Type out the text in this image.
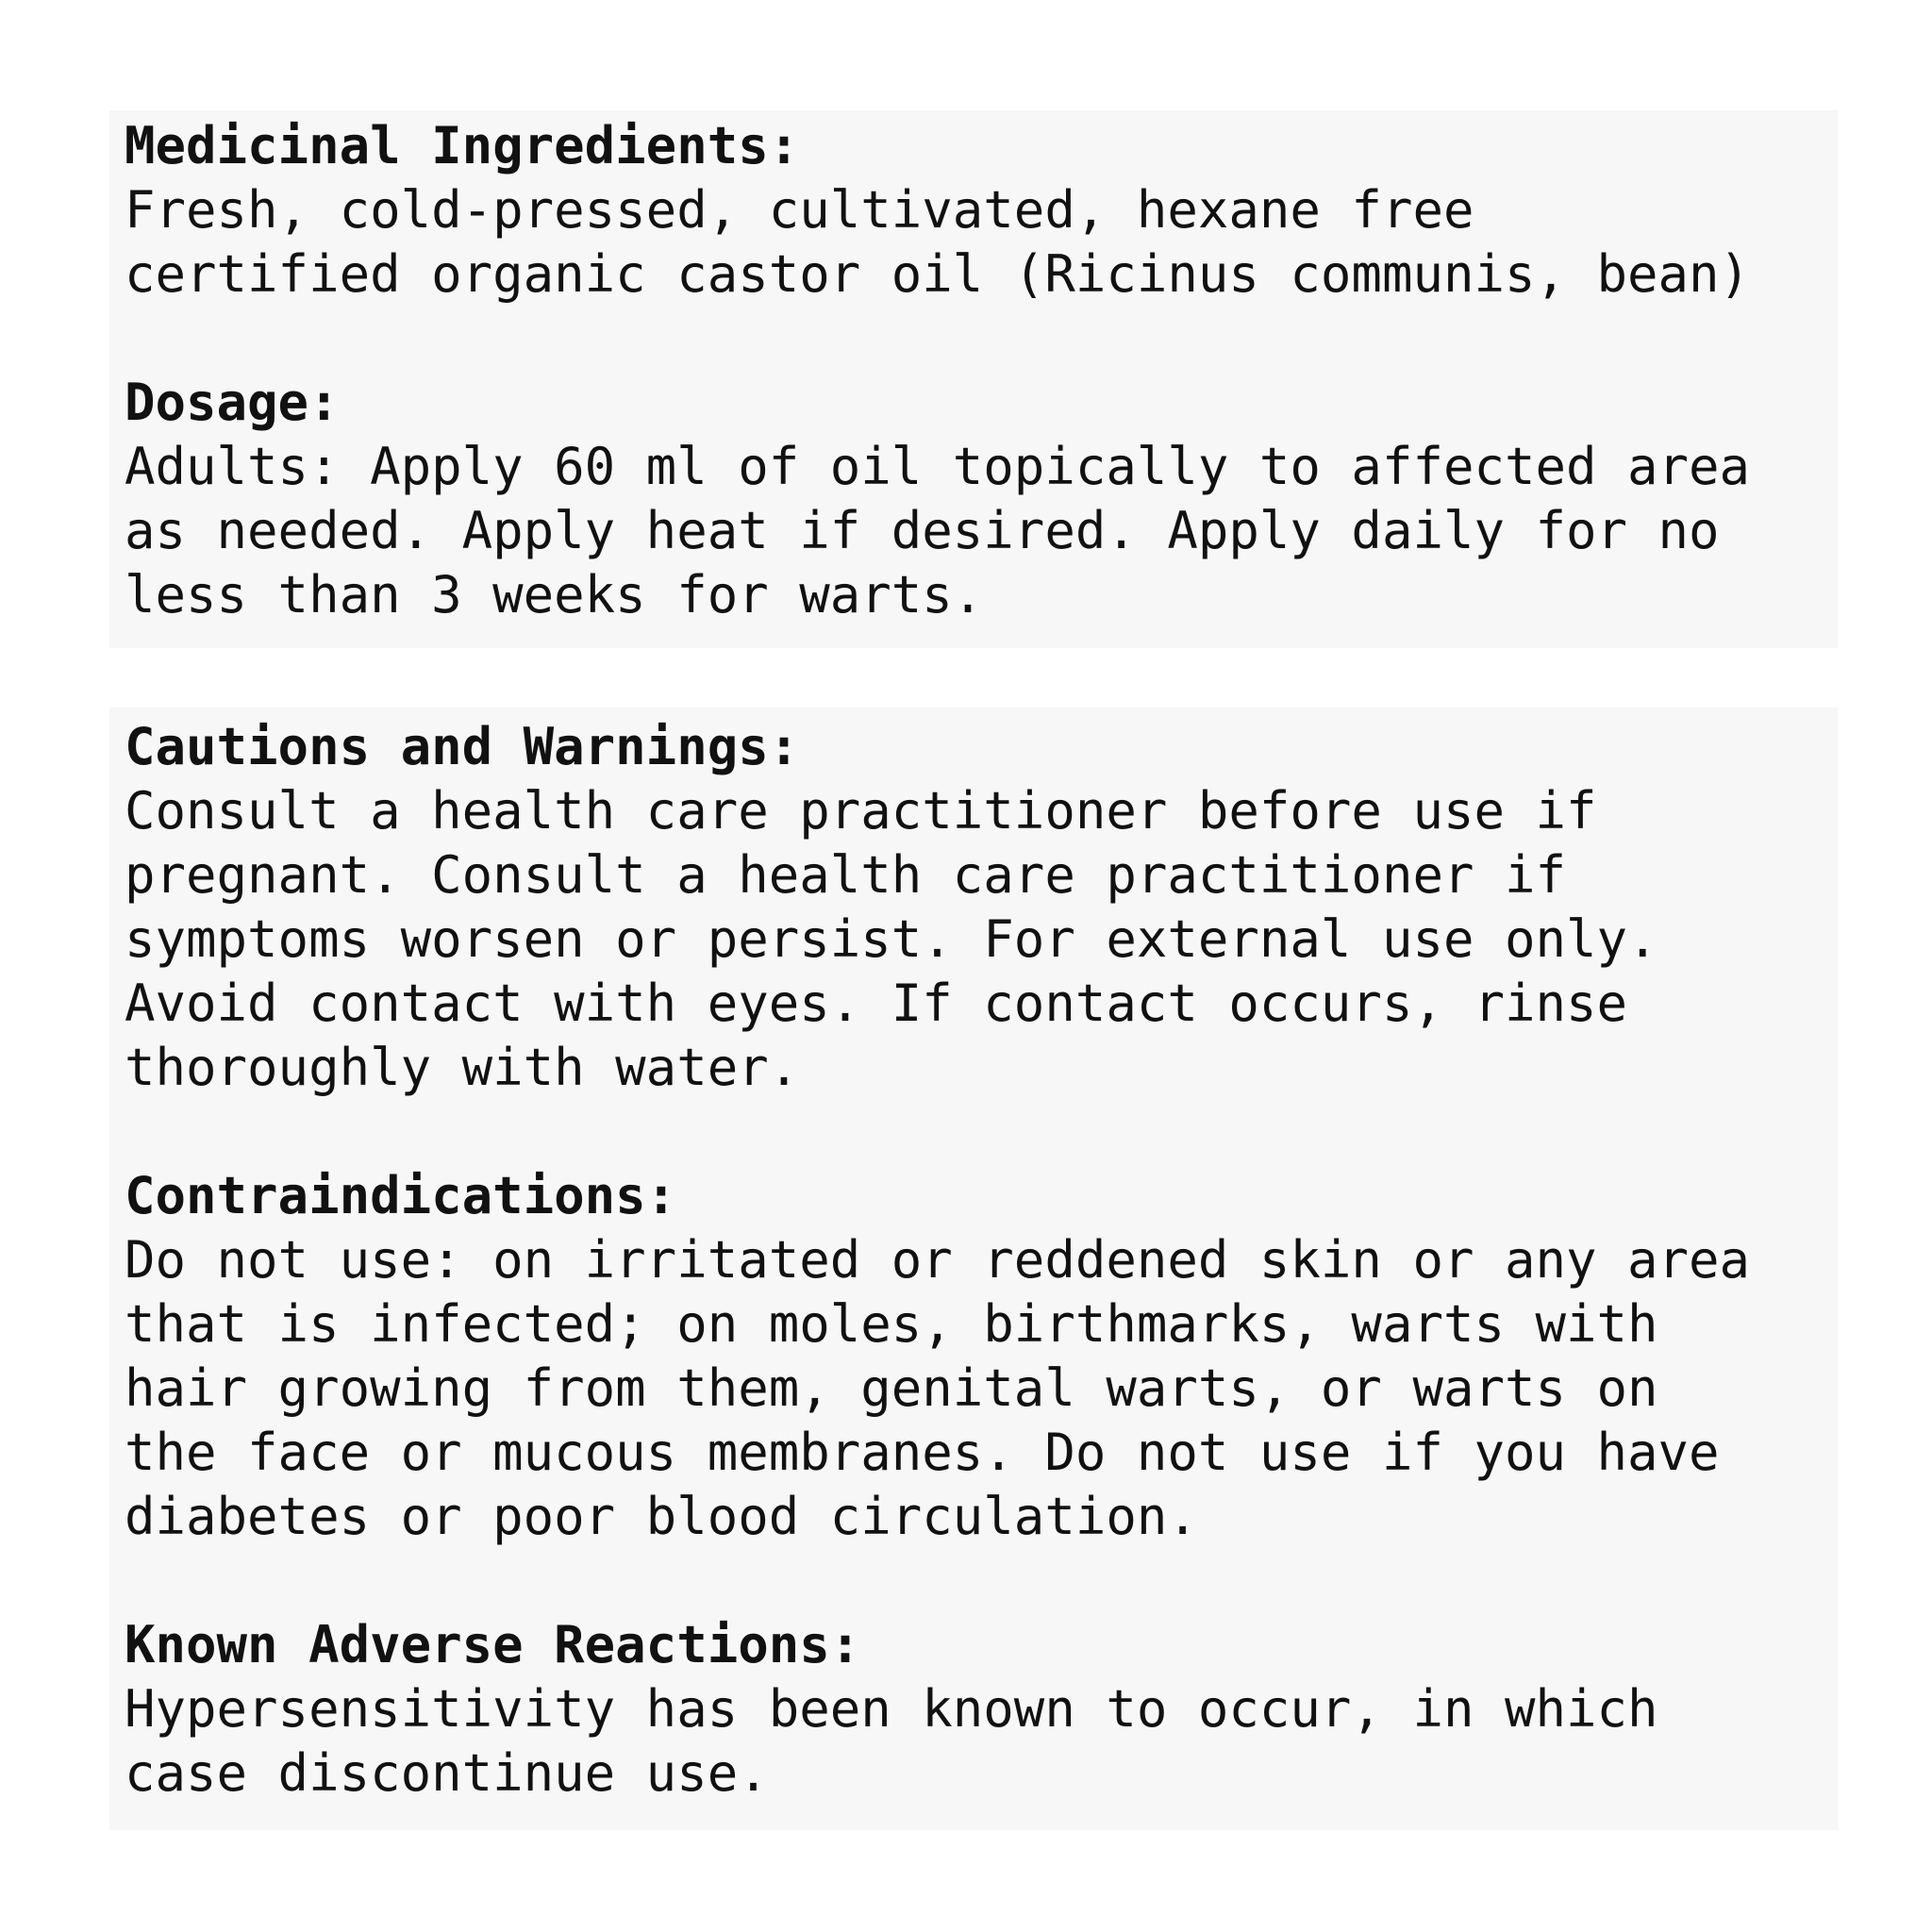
Medicinal Ingredients:
Fresh, cold-pressed, cultivated, hexane free
certified organic castor oil (Ricinus communis, bean)
Dosage:
Adults: Apply 60 ml of oil topically to affected area
as needed. Apply heat if desired. Apply daily for no
less than 3 weeks for warts.
Cautions and Warnings:
Consult a health care practitioner before use if
pregnant. Consult a health care practitioner if
symptoms worsen or persist. For external use only.
Avoid contact with eyes. If contact occurs, rinse
thoroughly with water.
Contraindications:
Do not use: on irritated or reddened skin or any area
that is infected; on moles, birthmarks, warts with
hair growing from them, genital warts, or warts on
the face or mucous membranes. Do not use if you have
diabetes or poor blood circulation.
Known Adverse Reactions:
Hypersensitivity has been known to occur, in which
case discontinue use.
